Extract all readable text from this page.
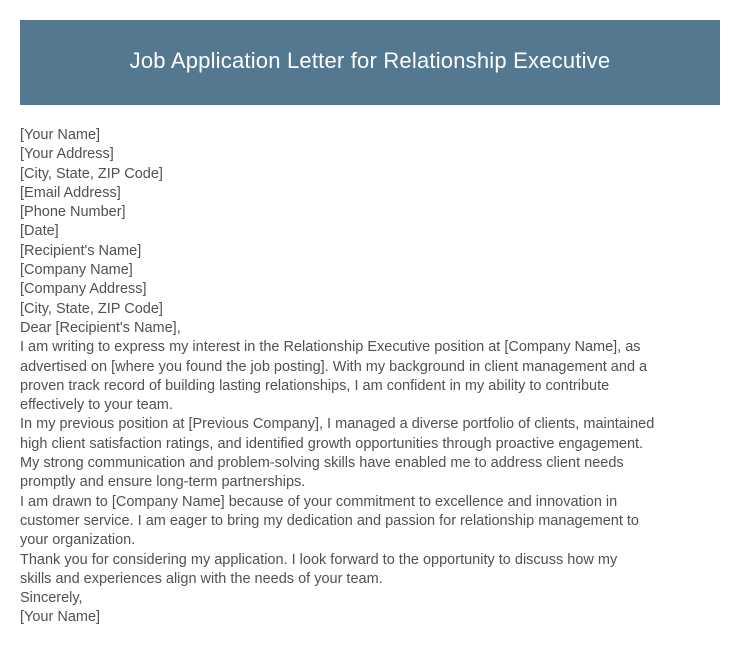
Job Application Letter for Relationship Executive
[Your Name]
[Your Address]
[City, State, ZIP Code]
[Email Address]
[Phone Number]
[Date]
[Recipient's Name]
[Company Name]
[Company Address]
[City, State, ZIP Code]
Dear [Recipient's Name],
I am writing to express my interest in the Relationship Executive position at [Company Name], as
advertised on [where you found the job posting]. With my background in client management and a
proven track record of building lasting relationships, I am confident in my ability to contribute
effectively to your team.
In my previous position at [Previous Company], I managed a diverse portfolio of clients, maintained
high client satisfaction ratings, and identified growth opportunities through proactive engagement.
My strong communication and problem-solving skills have enabled me to address client needs
promptly and ensure long-term partnerships.
I am drawn to [Company Name] because of your commitment to excellence and innovation in
customer service. I am eager to bring my dedication and passion for relationship management to
your organization.
Thank you for considering my application. I look forward to the opportunity to discuss how my
skills and experiences align with the needs of your team.
Sincerely,
[Your Name]
